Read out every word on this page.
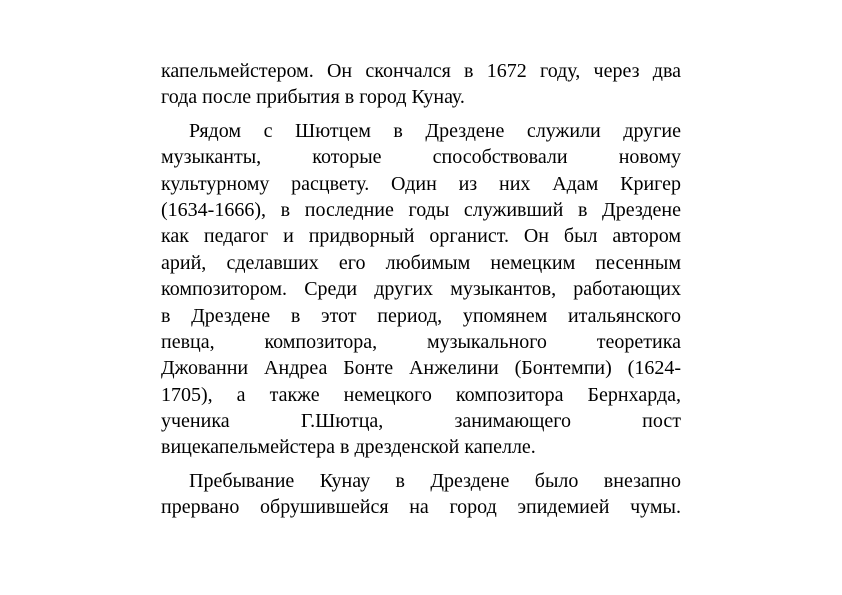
капельмейстером. Он скончался в 1672 году, через два
года после прибытия в город Кунау.
Рядом с Шютцем в Дрездене служили другие
музыканты, которые способствовали новому
культурному расцвету. Один из них Адам Кригер
(1634-1666), в последние годы служивший в Дрездене
как педагог и придворный органист. Он был автором
арий, сделавших его любимым немецким песенным
композитором. Среди других музыкантов, работающих
в Дрездене в этот период, упомянем итальянского
певца, композитора, музыкального теоретика
Джованни Андреа Бонте Анжелини (Бонтемпи) (1624-
1705), а также немецкого композитора Бернхарда,
ученика Г.Шютца, занимающего пост
вицекапельмейстера в дрезденской капелле.
Пребывание Кунау в Дрездене было внезапно
прервано обрушившейся на город эпидемией чумы.
